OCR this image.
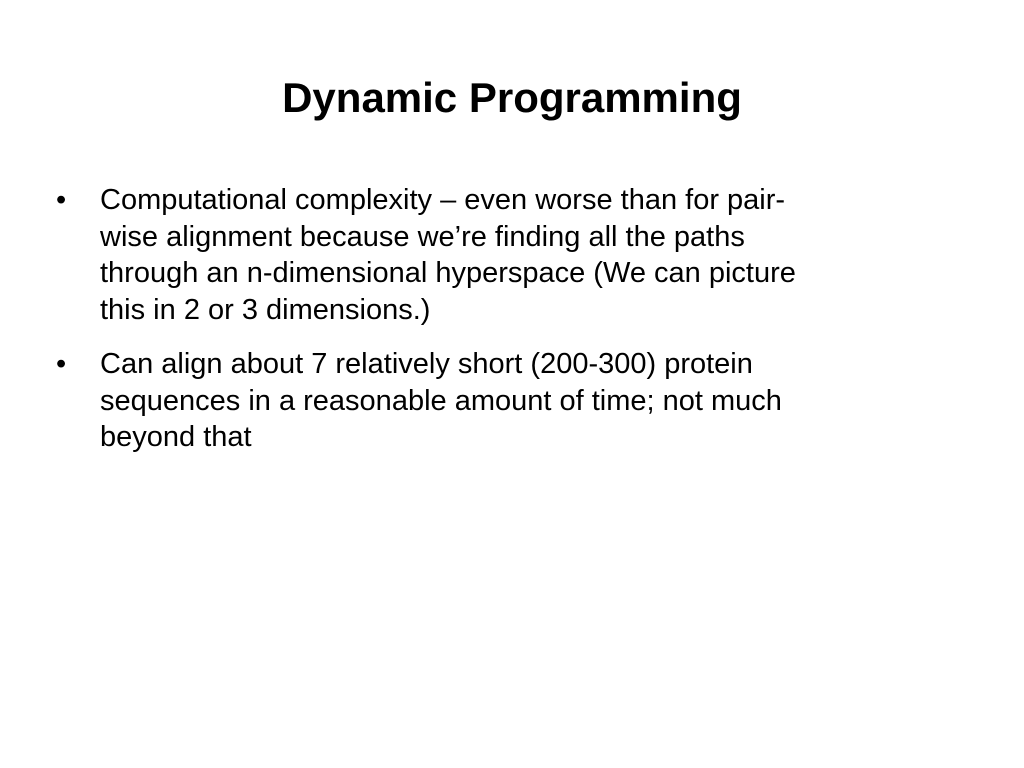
Dynamic Programming
•	Computational complexity – even worse than for pair-
wise alignment because we’re finding all the paths
through an n-dimensional hyperspace (We can picture
this in 2 or 3 dimensions.)
•	Can align about 7 relatively short (200-300) protein
sequences in a reasonable amount of time; not much
beyond that
